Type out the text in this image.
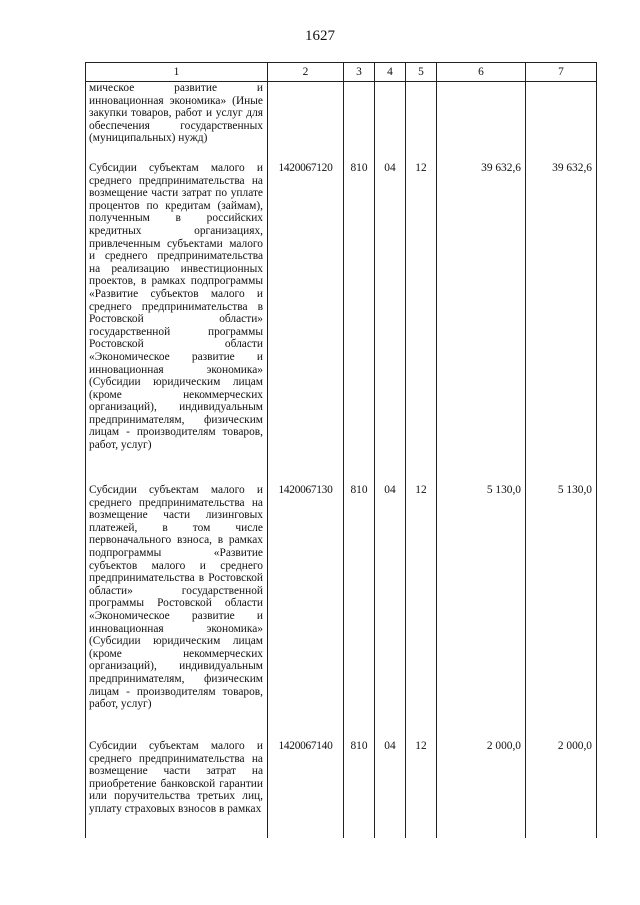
1627
1	2	3	4	5	6	7
мическое развитие и инновационная экономика» (Иные закупки товаров, работ и услуг для обеспечения государственных (муниципальных) нужд)						
Субсидии субъектам малого и среднего предпринимательства на возмещение части затрат по уплате процентов по кредитам (займам), полученным в российских кредитных организациях, привлеченным субъектами малого и среднего предпринимательства на реализацию инвестиционных проектов, в рамках подпрограммы «Развитие субъектов малого и среднего предпринимательства в Ростовской области» государственной программы Ростовской области «Экономическое развитие и инновационная экономика» (Субсидии юридическим лицам (кроме некоммерческих организаций), индивидуальным предпринимателям, физическим лицам - производителям товаров, работ, услуг)	1420067120	810	04	12	39 632,6	39 632,6
Субсидии субъектам малого и среднего предпринимательства на возмещение части лизинговых платежей, в том числе первоначального взноса, в рамках подпрограммы «Развитие субъектов малого и среднего предпринимательства в Ростовской области» государственной программы Ростовской области «Экономическое развитие и инновационная экономика» (Субсидии юридическим лицам (кроме некоммерческих организаций), индивидуальным предпринимателям, физическим лицам - производителям товаров, работ, услуг)	1420067130	810	04	12	5 130,0	5 130,0
Субсидии субъектам малого и среднего предпринимательства на возмещение части затрат на приобретение банковской гарантии или поручительства третьих лиц, уплату страховых взносов в рамках	1420067140	810	04	12	2 000,0	2 000,0
